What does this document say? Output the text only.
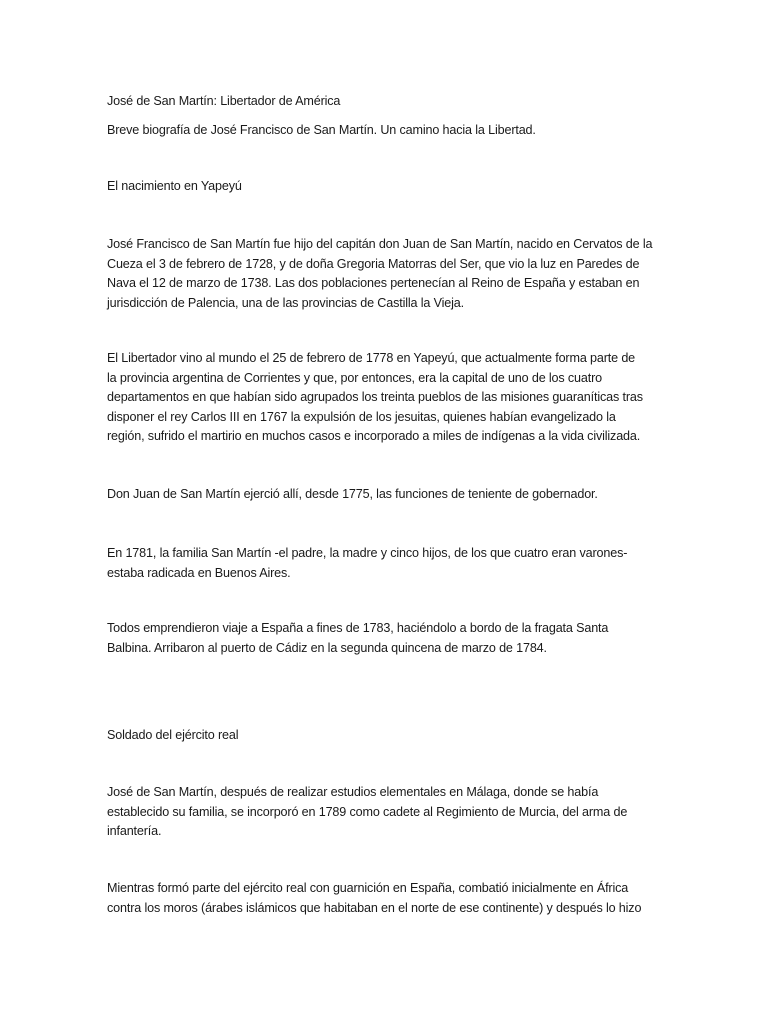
José de San Martín: Libertador de América

Breve biografía de José Francisco de San Martín. Un camino hacia la Libertad.

El nacimiento en Yapeyú

José Francisco de San Martín fue hijo del capitán don Juan de San Martín, nacido en Cervatos de la
Cueza el 3 de febrero de 1728, y de doña Gregoria Matorras del Ser, que vio la luz en Paredes de
Nava el 12 de marzo de 1738. Las dos poblaciones pertenecían al Reino de España y estaban en
jurisdicción de Palencia, una de las provincias de Castilla la Vieja.
El Libertador vino al mundo el 25 de febrero de 1778 en Yapeyú, que actualmente forma parte de
la provincia argentina de Corrientes y que, por entonces, era la capital de uno de los cuatro
departamentos en que habían sido agrupados los treinta pueblos de las misiones guaraníticas tras
disponer el rey Carlos III en 1767 la expulsión de los jesuitas, quienes habían evangelizado la
región, sufrido el martirio en muchos casos e incorporado a miles de indígenas a la vida civilizada.
Don Juan de San Martín ejerció allí, desde 1775, las funciones de teniente de gobernador.
En 1781, la familia San Martín -el padre, la madre y cinco hijos, de los que cuatro eran varones-
estaba radicada en Buenos Aires.
Todos emprendieron viaje a España a fines de 1783, haciéndolo a bordo de la fragata Santa
Balbina. Arribaron al puerto de Cádiz en la segunda quincena de marzo de 1784.

Soldado del ejército real

José de San Martín, después de realizar estudios elementales en Málaga, donde se había
establecido su familia, se incorporó en 1789 como cadete al Regimiento de Murcia, del arma de
infantería.
Mientras formó parte del ejército real con guarnición en España, combatió inicialmente en África
contra los moros (árabes islámicos que habitaban en el norte de ese continente) y después lo hizo
